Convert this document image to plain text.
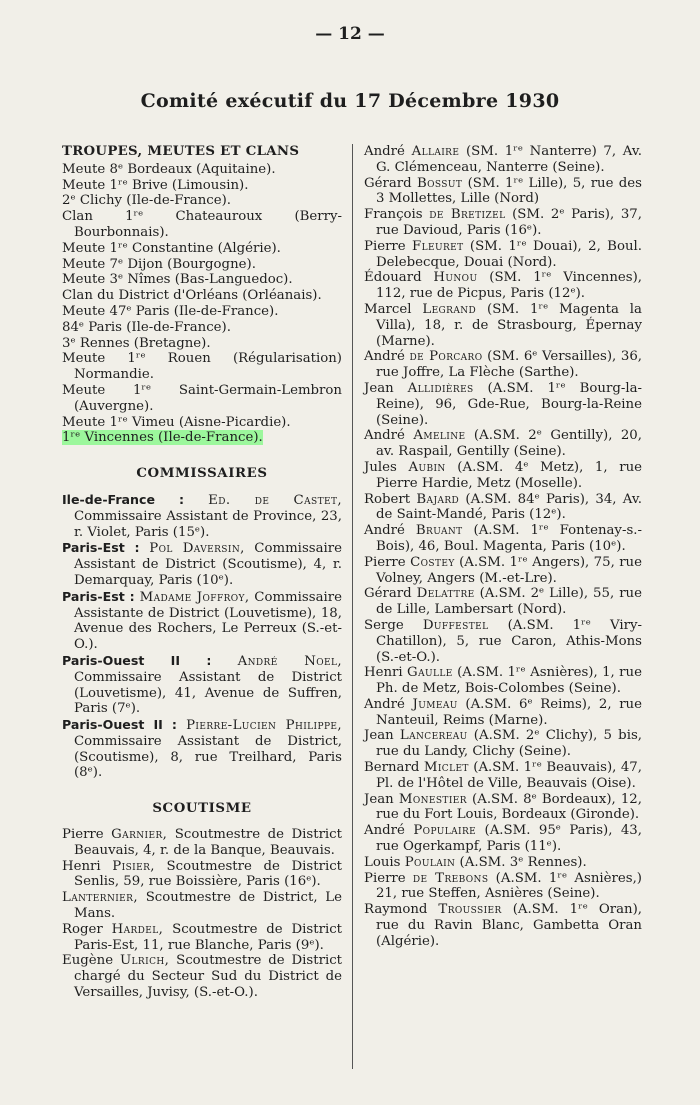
— 12 —
Comité exécutif du 17 Décembre 1930
TROUPES, MEUTES ET CLANS
Meute 8ᵉ Bordeaux (Aquitaine).
Meute 1ʳᵉ Brive (Limousin).
2ᵉ Clichy (Ile-de-France).
Clan 1ʳᵉ Chateauroux (Berry-Bourbonnais).
Meute 1ʳᵉ Constantine (Algérie).
Meute 7ᵉ Dijon (Bourgogne).
Meute 3ᵉ Nîmes (Bas-Languedoc).
Clan du District d'Orléans (Orléanais).
Meute 47ᵉ Paris (Ile-de-France).
84ᵉ Paris (Ile-de-France).
3ᵉ Rennes (Bretagne).
Meute 1ʳᵉ Rouen (Régularisation) Normandie.
Meute 1ʳᵉ Saint-Germain-Lembron (Auvergne).
Meute 1ʳᵉ Vimeu (Aisne-Picardie).
1ʳᵉ Vincennes (Ile-de-France).
COMMISSAIRES
Ile-de-France : Ed. de Castet, Commissaire Assistant de Province, 23, r. Violet, Paris (15ᵉ).
Paris-Est : Pol Daversin, Commissaire Assistant de District (Scoutisme), 4, r. Demarquay, Paris (10ᵉ).
Paris-Est : Madame Joffroy, Commissaire Assistante de District (Louvetisme), 18, Avenue des Rochers, Le Perreux (S.-et-O.).
Paris-Ouest II : André Noel, Commissaire Assistant de District (Louvetisme), 41, Avenue de Suffren, Paris (7ᵉ).
Paris-Ouest II : Pierre-Lucien Philippe, Commissaire Assistant de District, (Scoutisme), 8, rue Treilhard, Paris (8ᵉ).
SCOUTISME
Pierre Garnier, Scoutmestre de District Beauvais, 4, r. de la Banque, Beauvais.
Henri Pisier, Scoutmestre de District Senlis, 59, rue Boissière, Paris (16ᵉ).
Lanternier, Scoutmestre de District, Le Mans.
Roger Hardel, Scoutmestre de District Paris-Est, 11, rue Blanche, Paris (9ᵉ).
Eugène Ulrich, Scoutmestre de District chargé du Secteur Sud du District de Versailles, Juvisy, (S.-et-O.).
André Allaire (SM. 1ʳᵉ Nanterre) 7, Av. G. Clémenceau, Nanterre (Seine).
Gérard Bossut (SM. 1ʳᵉ Lille), 5, rue des 3 Mollettes, Lille (Nord)
François de Bretizel (SM. 2ᵉ Paris), 37, rue Davioud, Paris (16ᵉ).
Pierre Fleuret (SM. 1ʳᵉ Douai), 2, Boul. Delebecque, Douai (Nord).
Édouard Hunou (SM. 1ʳᵉ Vincennes), 112, rue de Picpus, Paris (12ᵉ).
Marcel Legrand (SM. 1ʳᵉ Magenta la Villa), 18, r. de Strasbourg, Épernay (Marne).
André de Porcaro (SM. 6ᵉ Versailles), 36, rue Joffre, La Flèche (Sarthe).
Jean Allidières (A.SM. 1ʳᵉ Bourg-la-Reine), 96, Gde-Rue, Bourg-la-Reine (Seine).
André Ameline (A.SM. 2ᵉ Gentilly), 20, av. Raspail, Gentilly (Seine).
Jules Aubin (A.SM. 4ᵉ Metz), 1, rue Pierre Hardie, Metz (Moselle).
Robert Bajard (A.SM. 84ᵉ Paris), 34, Av. de Saint-Mandé, Paris (12ᵉ).
André Bruant (A.SM. 1ʳᵉ Fontenay-s.-Bois), 46, Boul. Magenta, Paris (10ᵉ).
Pierre Costey (A.SM. 1ʳᵉ Angers), 75, rue Volney, Angers (M.-et-Lre).
Gérard Delattre (A.SM. 2ᵉ Lille), 55, rue de Lille, Lambersart (Nord).
Serge Duffestel (A.SM. 1ʳᵉ Viry-Chatillon), 5, rue Caron, Athis-Mons (S.-et-O.).
Henri Gaulle (A.SM. 1ʳᵉ Asnières), 1, rue Ph. de Metz, Bois-Colombes (Seine).
André Jumeau (A.SM. 6ᵉ Reims), 2, rue Nanteuil, Reims (Marne).
Jean Lancereau (A.SM. 2ᵉ Clichy), 5 bis, rue du Landy, Clichy (Seine).
Bernard Miclet (A.SM. 1ʳᵉ Beauvais), 47, Pl. de l'Hôtel de Ville, Beauvais (Oise).
Jean Monestier (A.SM. 8ᵉ Bordeaux), 12, rue du Fort Louis, Bordeaux (Gironde).
André Populaire (A.SM. 95ᵉ Paris), 43, rue Ogerkampf, Paris (11ᵉ).
Louis Poulain (A.SM. 3ᵉ Rennes).
Pierre de Trebons (A.SM. 1ʳᵉ Asnières,) 21, rue Steffen, Asnières (Seine).
Raymond Troussier (A.SM. 1ʳᵉ Oran), rue du Ravin Blanc, Gambetta Oran (Algérie).
